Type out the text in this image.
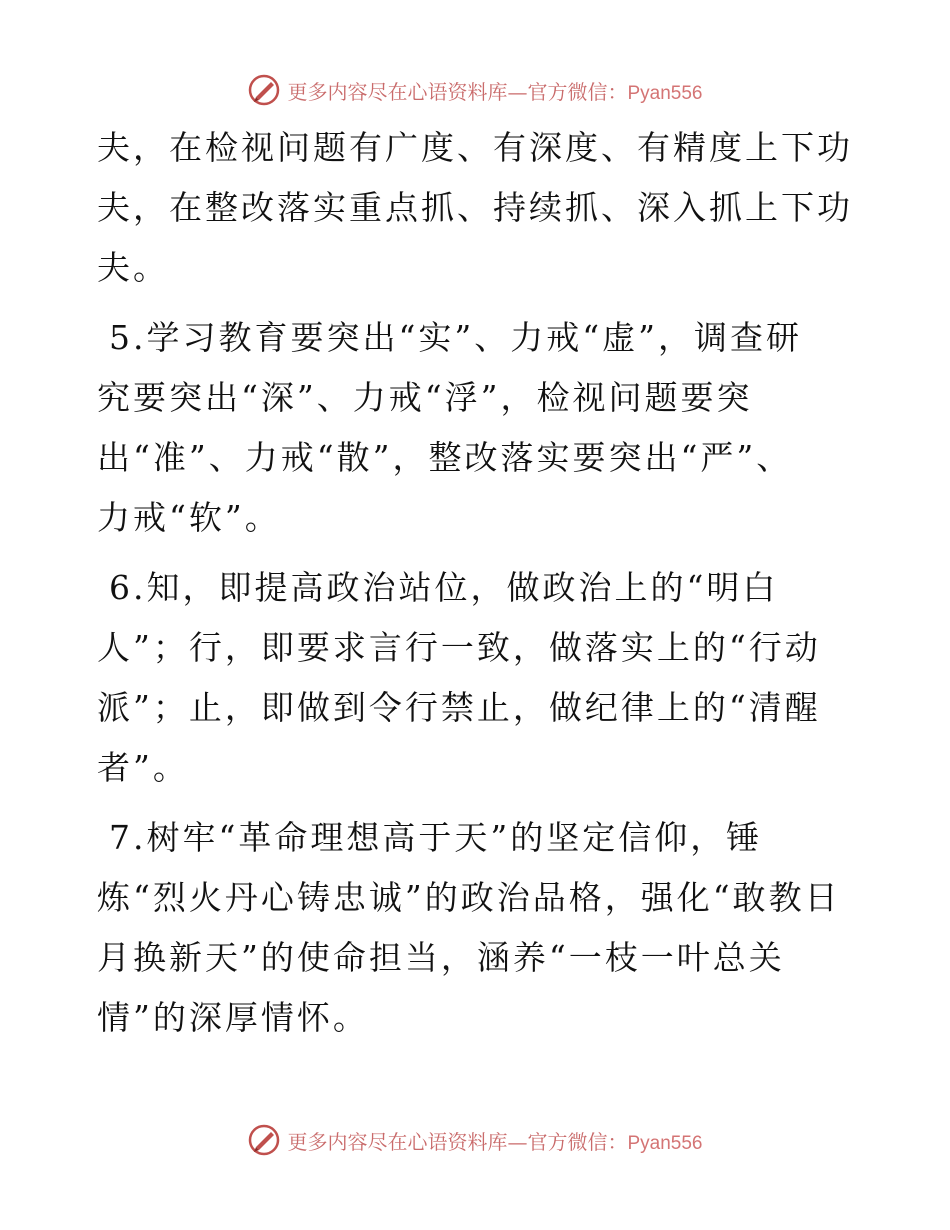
更多内容尽在心语资料库—官方微信：Pyan556
夫，在检视问题有广度、有深度、有精度上下功
夫，在整改落实重点抓、持续抓、深入抓上下功
夫。
5.学习教育要突出“实”、力戒“虚”，调查研
究要突出“深”、力戒“浮”，检视问题要突
出“准”、力戒“散”，整改落实要突出“严”、
力戒“软”。
6.知，即提高政治站位，做政治上的“明白
人”；行，即要求言行一致，做落实上的“行动
派”；止，即做到令行禁止，做纪律上的“清醒
者”。
7.树牢“革命理想高于天”的坚定信仰，锤
炼“烈火丹心铸忠诚”的政治品格，强化“敢教日
月换新天”的使命担当，涵养“一枝一叶总关
情”的深厚情怀。
更多内容尽在心语资料库—官方微信：Pyan556
